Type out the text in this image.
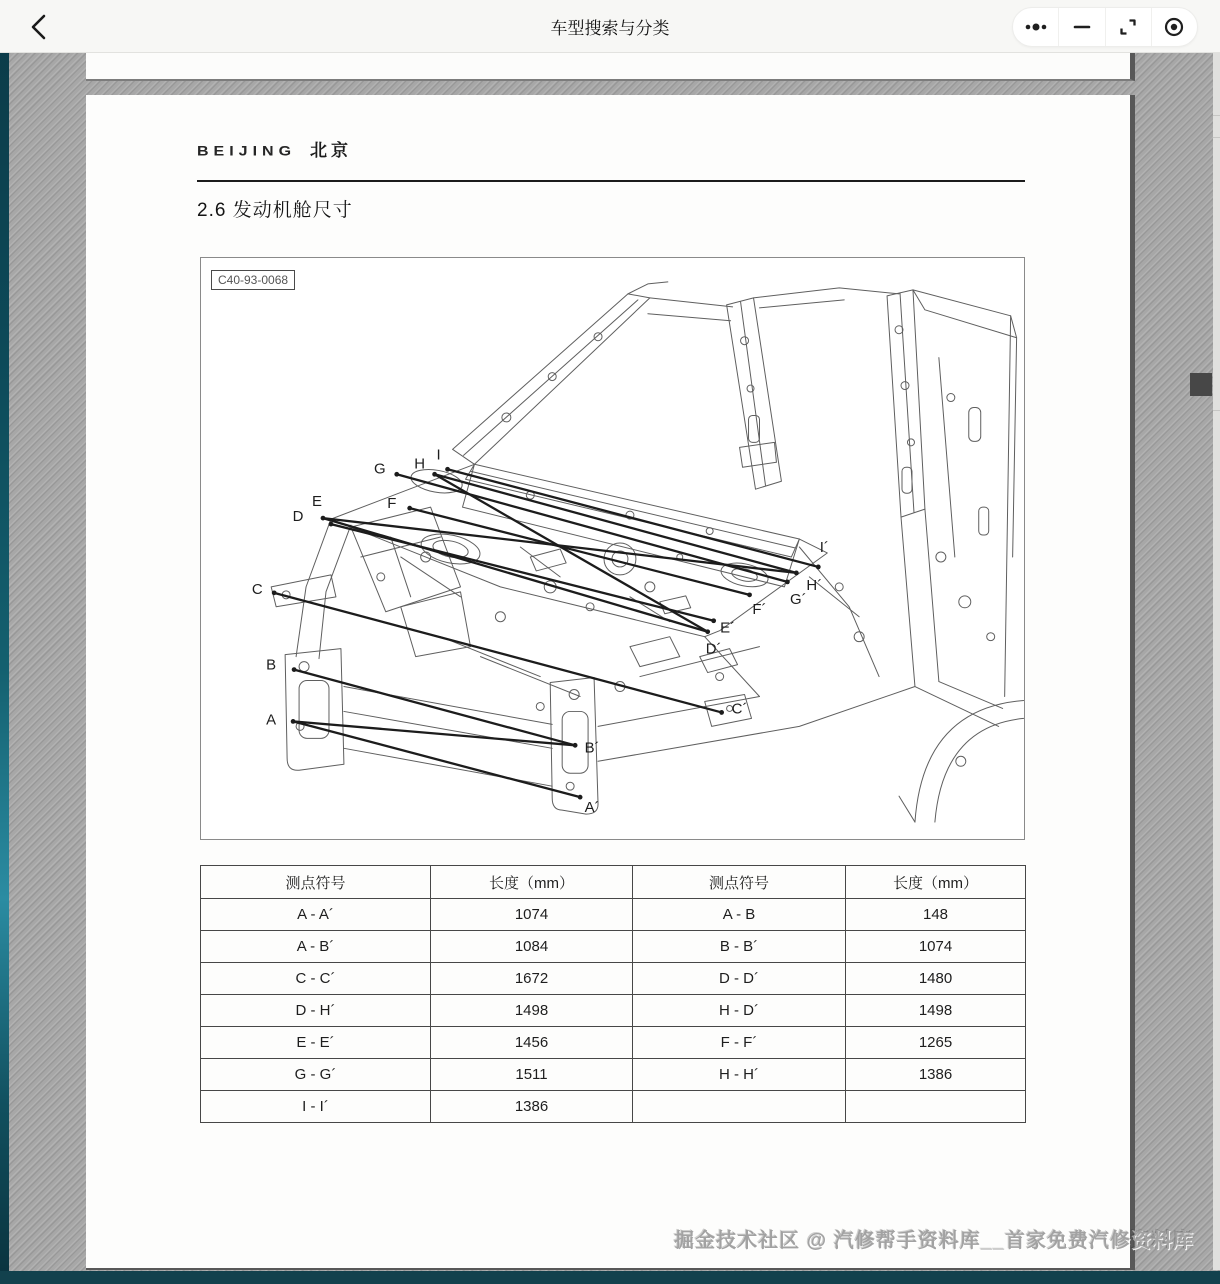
车型搜索与分类
BEIJING 北京
2.6 发动机舱尺寸
C40-93-0068
A
B
C
D
E	F
G H
I
A´
B´
C´
D´
E´
F´
G´
H´
I´
测点符号	长度（mm）	测点符号	长度（mm）
A - A´	1074	A - B	148
A - B´	1084	B - B´	1074
C - C´	1672	D - D´	1480
D - H´	1498	H - D´	1498
E - E´	1456	F - F´	1265
G - G´	1511	H - H´	1386
I - I´	1386		
掘金技术社区 @ 汽修帮手资料库__首家免费汽修资料库
